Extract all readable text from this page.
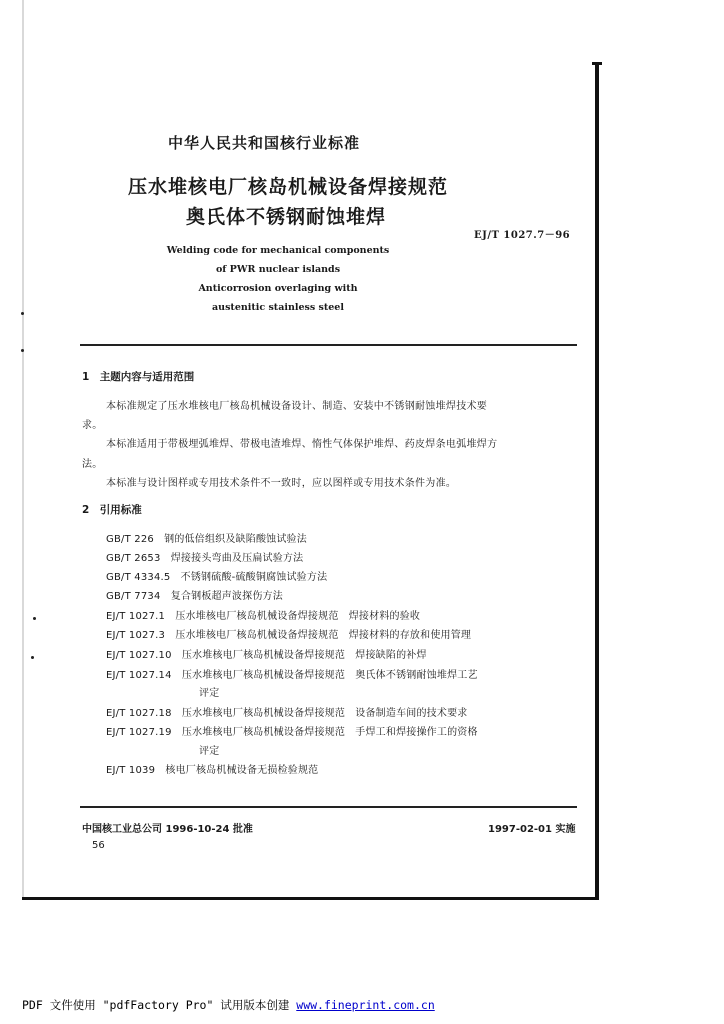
中华人民共和国核行业标准
压水堆核电厂核岛机械设备焊接规范
奥氏体不锈钢耐蚀堆焊
EJ/T 1027.7－96
Welding code for mechanical components
of PWR nuclear islands
Anticorrosion overlaging with
austenitic stainless steel
1　主题内容与适用范围
本标准规定了压水堆核电厂核岛机械设备设计、制造、安装中不锈钢耐蚀堆焊技术要
求。
本标准适用于带极埋弧堆焊、带极电渣堆焊、惰性气体保护堆焊、药皮焊条电弧堆焊方
法。
本标准与设计图样或专用技术条件不一致时，应以图样或专用技术条件为准。
2　引用标准
GB/T 226　钢的低倍组织及缺陷酸蚀试验法
GB/T 2653　焊接接头弯曲及压扁试验方法
GB/T 4334.5　不锈钢硫酸-硫酸铜腐蚀试验方法
GB/T 7734　复合钢板超声波探伤方法
EJ/T 1027.1　压水堆核电厂核岛机械设备焊接规范　焊接材料的验收
EJ/T 1027.3　压水堆核电厂核岛机械设备焊接规范　焊接材料的存放和使用管理
EJ/T 1027.10　压水堆核电厂核岛机械设备焊接规范　焊接缺陷的补焊
EJ/T 1027.14　压水堆核电厂核岛机械设备焊接规范　奥氏体不锈钢耐蚀堆焊工艺
评定
EJ/T 1027.18　压水堆核电厂核岛机械设备焊接规范　设备制造车间的技术要求
EJ/T 1027.19　压水堆核电厂核岛机械设备焊接规范　手焊工和焊接操作工的资格
评定
EJ/T 1039　核电厂核岛机械设备无损检验规范
中国核工业总公司 1996-10-24 批准	1997-02-01 实施
56
PDF 文件使用 "pdfFactory Pro" 试用版本创建 www.fineprint.com.cn
